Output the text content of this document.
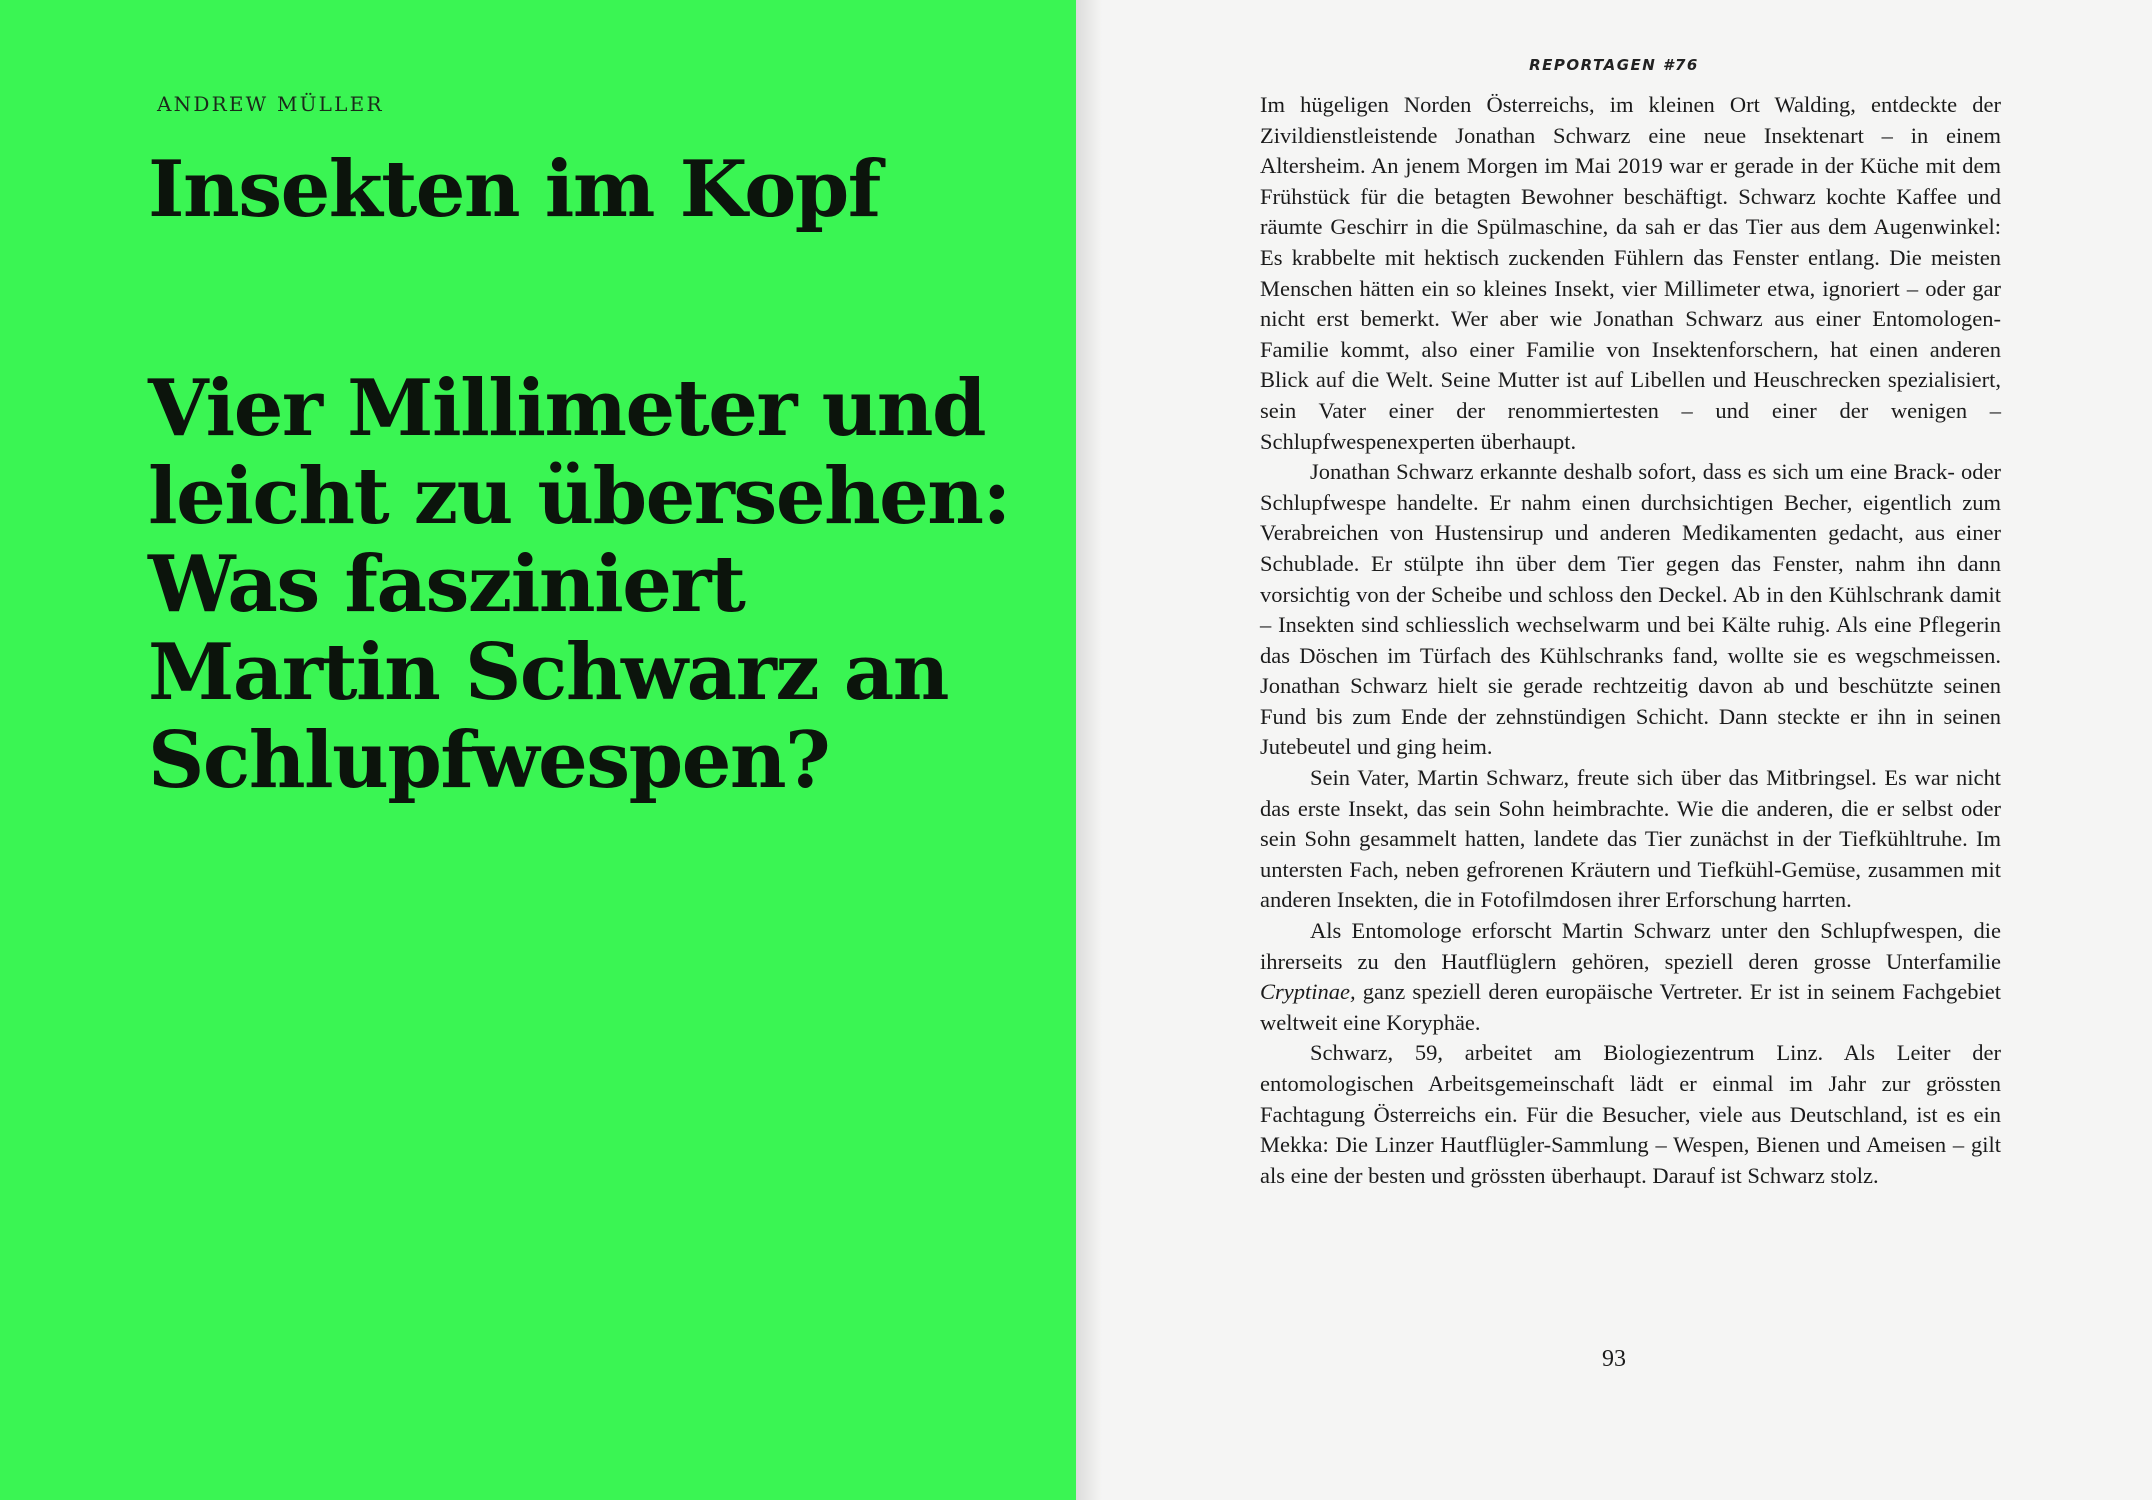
ANDREW MÜLLER

Insekten im Kopf
Vier Millimeter und leicht zu übersehen: Was fasziniert Martin Schwarz an Schlupfwespen?

REPORTAGEN #76

Im hügeligen Norden Österreichs, im kleinen Ort Walding, entdeckte der Zivildienstleistende Jonathan Schwarz eine neue Insektenart – in einem Altersheim. An jenem Morgen im Mai 2019 war er gerade in der Küche mit dem Frühstück für die betagten Bewohner beschäftigt. Schwarz kochte Kaffee und räumte Geschirr in die Spülmaschine, da sah er das Tier aus dem Augenwinkel: Es krabbelte mit hektisch zuckenden Fühlern das Fenster entlang. Die meisten Menschen hätten ein so kleines Insekt, vier Millimeter etwa, ignoriert – oder gar nicht erst bemerkt. Wer aber wie Jonathan Schwarz aus einer Entomologen-Familie kommt, also einer Familie von Insektenforschern, hat einen anderen Blick auf die Welt. Seine Mutter ist auf Libellen und Heuschrecken spezialisiert, sein Vater einer der renommiertesten – und einer der wenigen – Schlupfwespenexperten überhaupt.

Jonathan Schwarz erkannte deshalb sofort, dass es sich um eine Brack- oder Schlupfwespe handelte. Er nahm einen durchsichtigen Becher, eigentlich zum Verabreichen von Hustensirup und anderen Medikamenten gedacht, aus einer Schublade. Er stülpte ihn über dem Tier gegen das Fenster, nahm ihn dann vorsichtig von der Scheibe und schloss den Deckel. Ab in den Kühlschrank damit – Insekten sind schliesslich wechselwarm und bei Kälte ruhig. Als eine Pflegerin das Döschen im Türfach des Kühlschranks fand, wollte sie es wegschmeissen. Jonathan Schwarz hielt sie gerade rechtzeitig davon ab und beschützte seinen Fund bis zum Ende der zehnstündigen Schicht. Dann steckte er ihn in seinen Jutebeutel und ging heim.

Sein Vater, Martin Schwarz, freute sich über das Mitbringsel. Es war nicht das erste Insekt, das sein Sohn heimbrachte. Wie die anderen, die er selbst oder sein Sohn gesammelt hatten, landete das Tier zunächst in der Tiefkühltruhe. Im untersten Fach, neben gefrorenen Kräutern und Tiefkühl-Gemüse, zusammen mit anderen Insekten, die in Fotofilmdosen ihrer Erforschung harrten.

Als Entomologe erforscht Martin Schwarz unter den Schlupfwespen, die ihrerseits zu den Hautflüglern gehören, speziell deren grosse Unterfamilie Cryptinae, ganz speziell deren europäische Vertreter. Er ist in seinem Fachgebiet weltweit eine Koryphäe.

Schwarz, 59, arbeitet am Biologiezentrum Linz. Als Leiter der entomologischen Arbeitsgemeinschaft lädt er einmal im Jahr zur grössten Fachtagung Österreichs ein. Für die Besucher, viele aus Deutschland, ist es ein Mekka: Die Linzer Hautflügler-Sammlung – Wespen, Bienen und Ameisen – gilt als eine der besten und grössten überhaupt. Darauf ist Schwarz stolz.

93
